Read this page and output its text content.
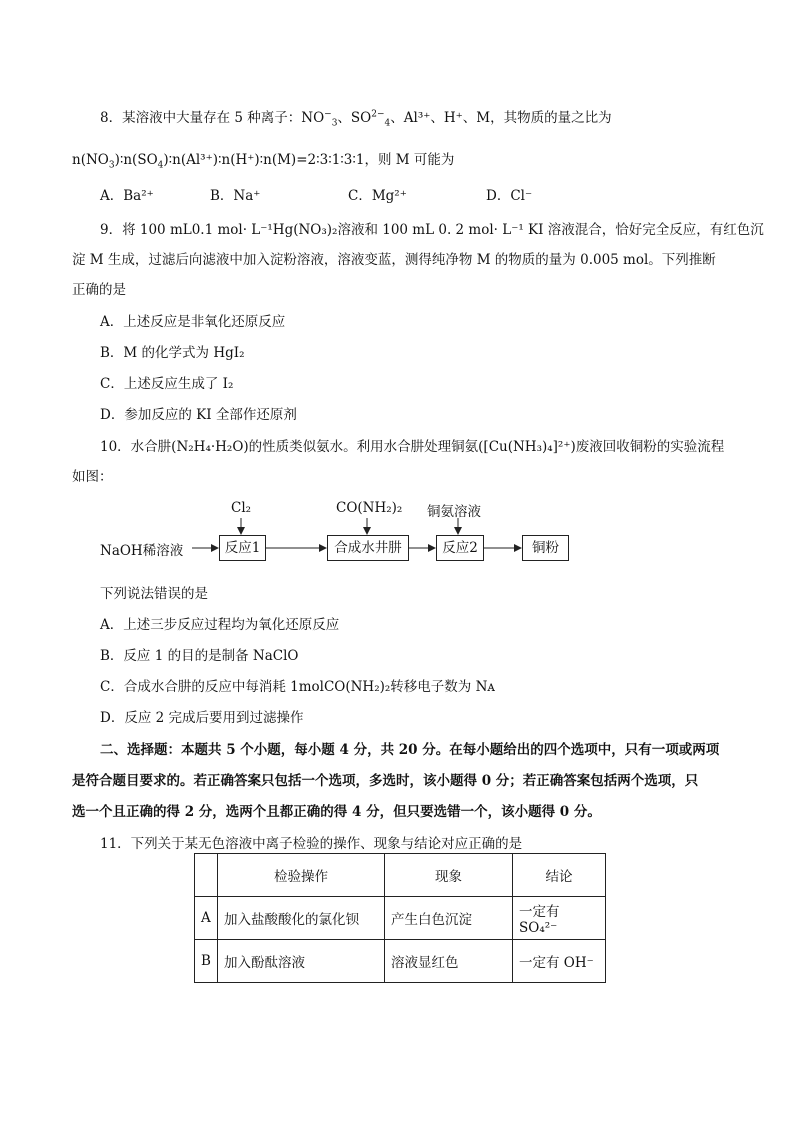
8．某溶液中大量存在 5 种离子：$NO^-_3$、$SO^{2-}_4$、Al³⁺、H⁺、M，其物质的量之比为
$n(NO_3)∶n(SO_4)∶n(Al^{3+})∶n(H^+)∶n(M)=2∶3∶1∶3∶1$，则 M 可能为
A．Ba²⁺	B．Na⁺	C．Mg²⁺	D．Cl⁻
9．将 100 mL0.1 mol· L⁻¹Hg(NO₃)₂溶液和 100 mL 0. 2 mol· L⁻¹ KI 溶液混合，恰好完全反应，有红色沉
淀 M 生成，过滤后向滤液中加入淀粉溶液，溶液变蓝，测得纯净物 M 的物质的量为 0.005 mol。下列推断
正确的是
A．上述反应是非氧化还原反应
B．M 的化学式为 HgI₂
C．上述反应生成了 I₂
D．参加反应的 KI 全部作还原剂
10．水合肼(N₂H₄·H₂O)的性质类似氨水。利用水合肼处理铜氨([Cu(NH₃)₄]²⁺)废液回收铜粉的实验流程
如图：
NaOH稀溶液	反应1	合成水井肼	反应2	铜粉
Cl₂	CO(NH₂)₂ 铜氨溶液
下列说法错误的是
A．上述三步反应过程均为氧化还原反应
B．反应 1 的目的是制备 NaClO
C．合成水合肼的反应中每消耗 1molCO(NH₂)₂转移电子数为 Nᴀ
D．反应 2 完成后要用到过滤操作
二、选择题：本题共 5 个小题，每小题 4 分，共 20 分。在每小题给出的四个选项中，只有一项或两项
是符合题目要求的。若正确答案只包括一个选项，多选时，该小题得 0 分；若正确答案包括两个选项，只
选一个且正确的得 2 分，选两个且都正确的得 4 分，但只要选错一个，该小题得 0 分。
11．下列关于某无色溶液中离子检验的操作、现象与结论对应正确的是
	检验操作	现象	结论
A	加入盐酸酸化的氯化钡	产生白色沉淀	一定有 SO₄²⁻
B	加入酚酞溶液	溶液显红色	一定有 OH⁻
